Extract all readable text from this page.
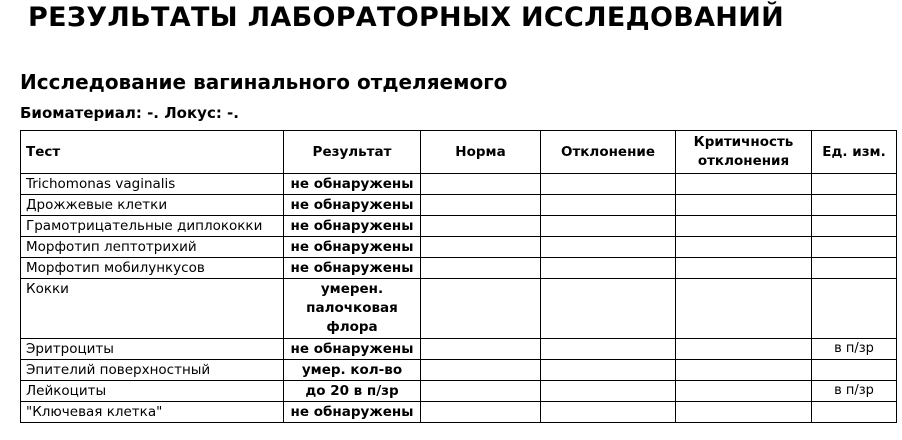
РЕЗУЛЬТАТЫ ЛАБОРАТОРНЫХ ИССЛЕДОВАНИЙ
Исследование вагинального отделяемого
Биоматериал: -. Локус: -.
Тест	Результат	Норма	Отклонение	Критичность отклонения	Ед. изм.
Trichomonas vaginalis	не обнаружены				
Дрожжевые клетки	не обнаружены				
Грамотрицательные диплококки	не обнаружены				
Морфотип лептотрихий	не обнаружены				
Морфотип мобилункусов	не обнаружены				
Кокки	умерен. палочковая флора				
Эритроциты	не обнаружены				в п/зр
Эпителий поверхностный	умер. кол-во				
Лейкоциты	до 20 в п/зр				в п/зр
"Ключевая клетка"	не обнаружены				
